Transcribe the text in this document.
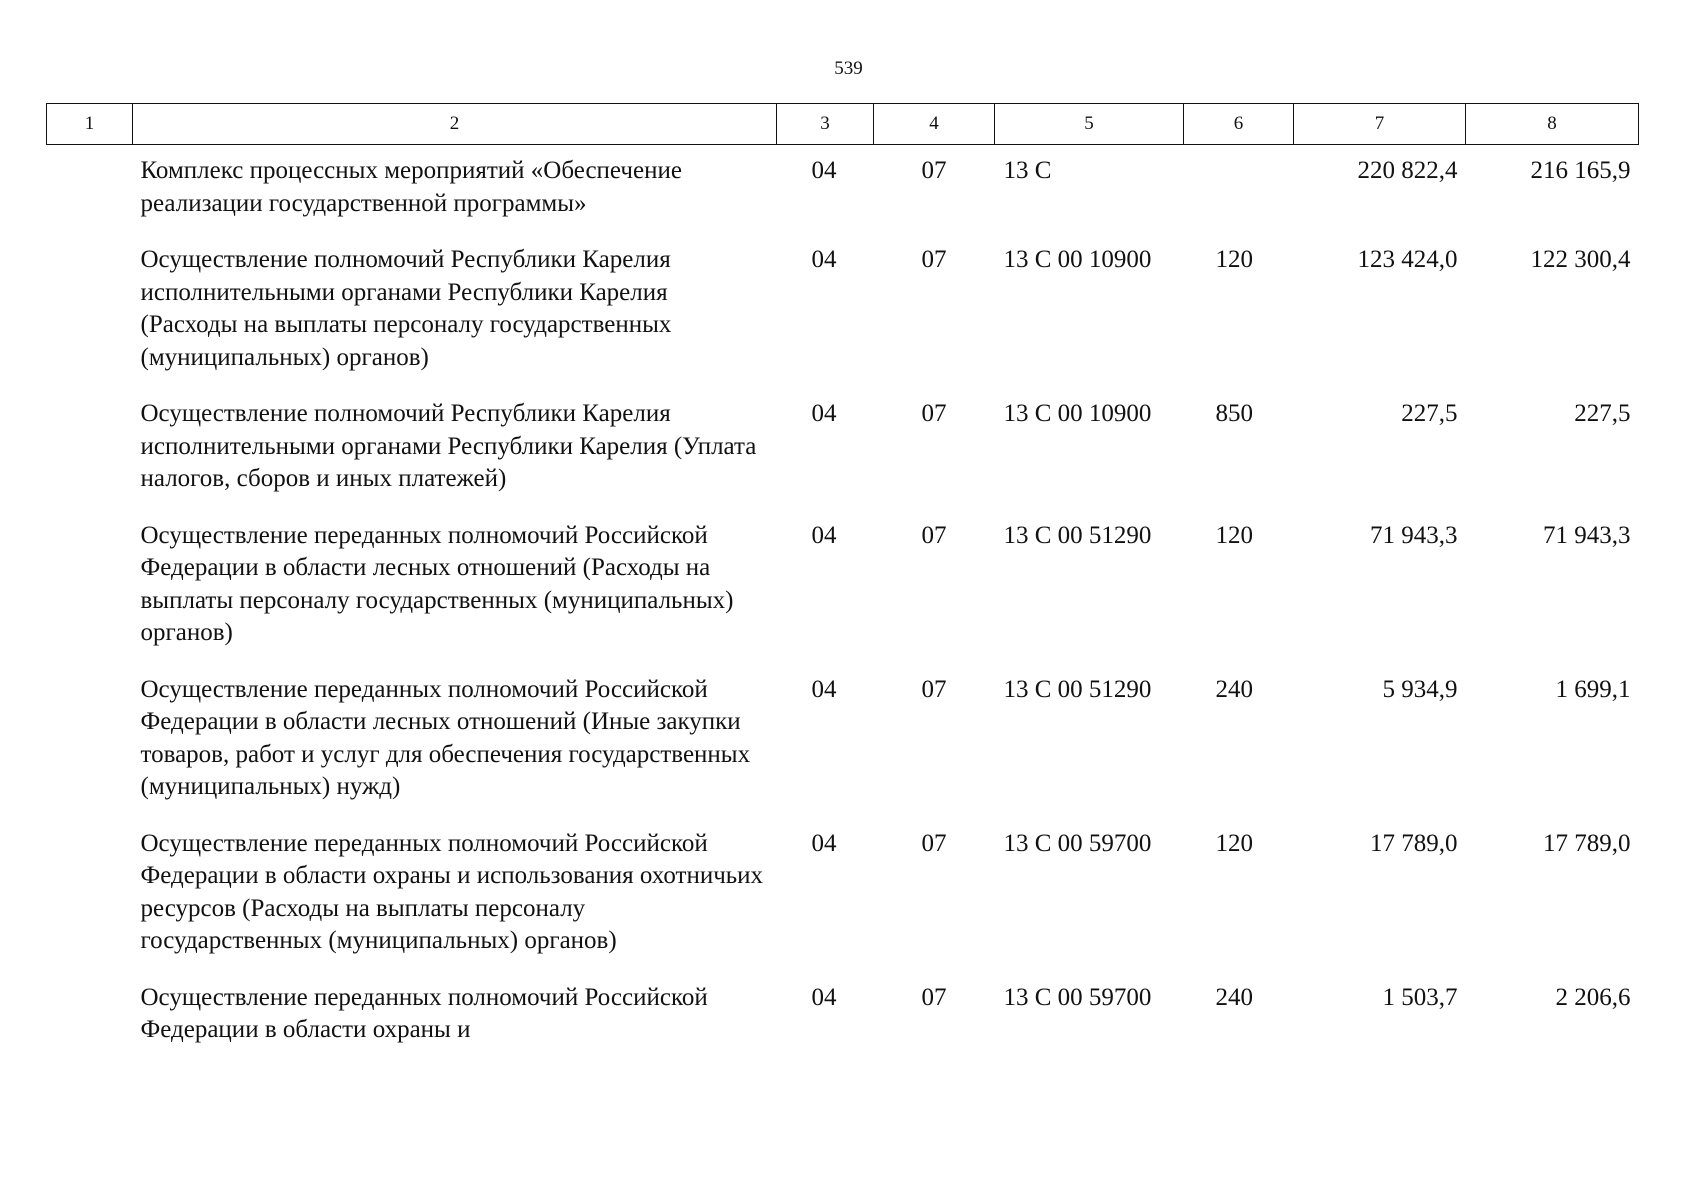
539
1	2	3	4	5	6	7	8
	Комплекс процессных мероприятий «Обеспечение реализации государственной программы»	04	07	13 С		220 822,4	216 165,9
	Осуществление полномочий Республики Карелия исполнительными органами Республики Карелия (Расходы на выплаты персоналу государственных (муниципальных) органов)	04	07	13 С 00 10900	120	123 424,0	122 300,4
	Осуществление полномочий Республики Карелия исполнительными органами Республики Карелия (Уплата налогов, сборов и иных платежей)	04	07	13 С 00 10900	850	227,5	227,5
	Осуществление переданных полномочий Российской Федерации в области лесных отношений (Расходы на выплаты персоналу государственных (муниципальных) органов)	04	07	13 С 00 51290	120	71 943,3	71 943,3
	Осуществление переданных полномочий Российской Федерации в области лесных отношений (Иные закупки товаров, работ и услуг для обеспечения государственных (муниципальных) нужд)	04	07	13 С 00 51290	240	5 934,9	1 699,1
	Осуществление переданных полномочий Российской Федерации в области охраны и использования охотничьих ресурсов (Расходы на выплаты персоналу государственных (муниципальных) органов)	04	07	13 С 00 59700	120	17 789,0	17 789,0
	Осуществление переданных полномочий Российской Федерации в области охраны и	04	07	13 С 00 59700	240	1 503,7	2 206,6
